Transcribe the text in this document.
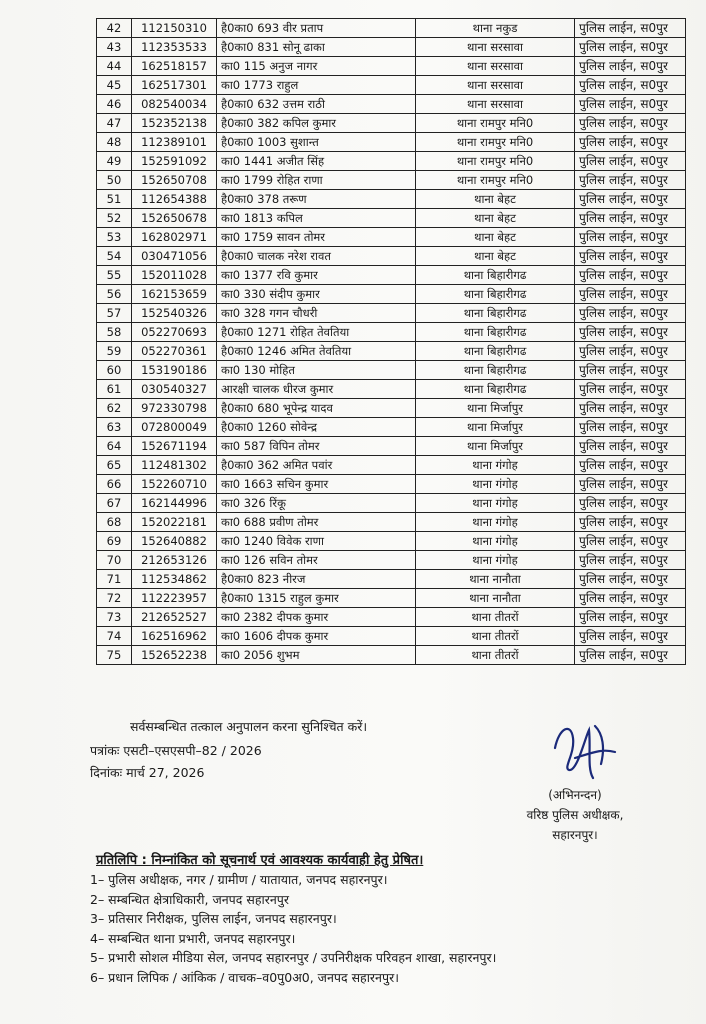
42	112150310	है0का0 693 वीर प्रताप	थाना नकुड	पुलिस लाईन, स0पुर
43	112353533	है0का0 831 सोनू ढाका	थाना सरसावा	पुलिस लाईन, स0पुर
44	162518157	का0 115 अनुज नागर	थाना सरसावा	पुलिस लाईन, स0पुर
45	162517301	का0 1773 राहुल	थाना सरसावा	पुलिस लाईन, स0पुर
46	082540034	है0का0 632 उत्तम राठी	थाना सरसावा	पुलिस लाईन, स0पुर
47	152352138	है0का0 382 कपिल कुमार	थाना रामपुर मनि0	पुलिस लाईन, स0पुर
48	112389101	है0का0 1003 सुशान्त	थाना रामपुर मनि0	पुलिस लाईन, स0पुर
49	152591092	का0 1441 अजीत सिंह	थाना रामपुर मनि0	पुलिस लाईन, स0पुर
50	152650708	का0 1799 रोहित राणा	थाना रामपुर मनि0	पुलिस लाईन, स0पुर
51	112654388	है0का0 378 तरूण	थाना बेहट	पुलिस लाईन, स0पुर
52	152650678	का0 1813 कपिल	थाना बेहट	पुलिस लाईन, स0पुर
53	162802971	का0 1759 सावन तोमर	थाना बेहट	पुलिस लाईन, स0पुर
54	030471056	है0का0 चालक नरेश रावत	थाना बेहट	पुलिस लाईन, स0पुर
55	152011028	का0 1377 रवि कुमार	थाना बिहारीगढ	पुलिस लाईन, स0पुर
56	162153659	का0 330 संदीप कुमार	थाना बिहारीगढ	पुलिस लाईन, स0पुर
57	152540326	का0 328 गगन चौधरी	थाना बिहारीगढ	पुलिस लाईन, स0पुर
58	052270693	है0का0 1271 रोहित तेवतिया	थाना बिहारीगढ	पुलिस लाईन, स0पुर
59	052270361	है0का0 1246 अमित तेवतिया	थाना बिहारीगढ	पुलिस लाईन, स0पुर
60	153190186	का0 130 मोहित	थाना बिहारीगढ	पुलिस लाईन, स0पुर
61	030540327	आरक्षी चालक धीरज कुमार	थाना बिहारीगढ	पुलिस लाईन, स0पुर
62	972330798	है0का0 680 भूपेन्द्र यादव	थाना मिर्जापुर	पुलिस लाईन, स0पुर
63	072800049	है0का0 1260 सोवेन्द्र	थाना मिर्जापुर	पुलिस लाईन, स0पुर
64	152671194	का0 587 विपिन तोमर	थाना मिर्जापुर	पुलिस लाईन, स0पुर
65	112481302	है0का0 362 अमित पवांर	थाना गंगोह	पुलिस लाईन, स0पुर
66	152260710	का0 1663 सचिन कुमार	थाना गंगोह	पुलिस लाईन, स0पुर
67	162144996	का0 326 रिंकू	थाना गंगोह	पुलिस लाईन, स0पुर
68	152022181	का0 688 प्रवीण तोमर	थाना गंगोह	पुलिस लाईन, स0पुर
69	152640882	का0 1240 विवेक राणा	थाना गंगोह	पुलिस लाईन, स0पुर
70	212653126	का0 126 सविन तोमर	थाना गंगोह	पुलिस लाईन, स0पुर
71	112534862	है0का0 823 नीरज	थाना नानौता	पुलिस लाईन, स0पुर
72	112223957	है0का0 1315 राहुल कुमार	थाना नानौता	पुलिस लाईन, स0पुर
73	212652527	का0 2382 दीपक कुमार	थाना तीतरों	पुलिस लाईन, स0पुर
74	162516962	का0 1606 दीपक कुमार	थाना तीतरों	पुलिस लाईन, स0पुर
75	152652238	का0 2056 शुभम	थाना तीतरों	पुलिस लाईन, स0पुर
सर्वसम्बन्धित तत्काल अनुपालन करना सुनिश्चित करें।
पत्रांकः एसटी–एसएसपी–82 / 2026
दिनांकः मार्च 27, 2026
(अभिनन्दन)
वरिष्ठ पुलिस अधीक्षक,
सहारनपुर।
प्रतिलिपि : निम्नांकित को सूचनार्थ एवं आवश्यक कार्यवाही हेतु प्रेषित।
1– पुलिस अधीक्षक, नगर / ग्रामीण / यातायात, जनपद सहारनपुर।
2– सम्बन्धित क्षेत्राधिकारी, जनपद सहारनपुर
3– प्रतिसार निरीक्षक, पुलिस लाईन, जनपद सहारनपुर।
4– सम्बन्धित थाना प्रभारी, जनपद सहारनपुर।
5– प्रभारी सोशल मीडिया सेल, जनपद सहारनपुर / उपनिरीक्षक परिवहन शाखा, सहारनपुर।
6– प्रधान लिपिक / आंकिक / वाचक–व0पु0अ0, जनपद सहारनपुर।
